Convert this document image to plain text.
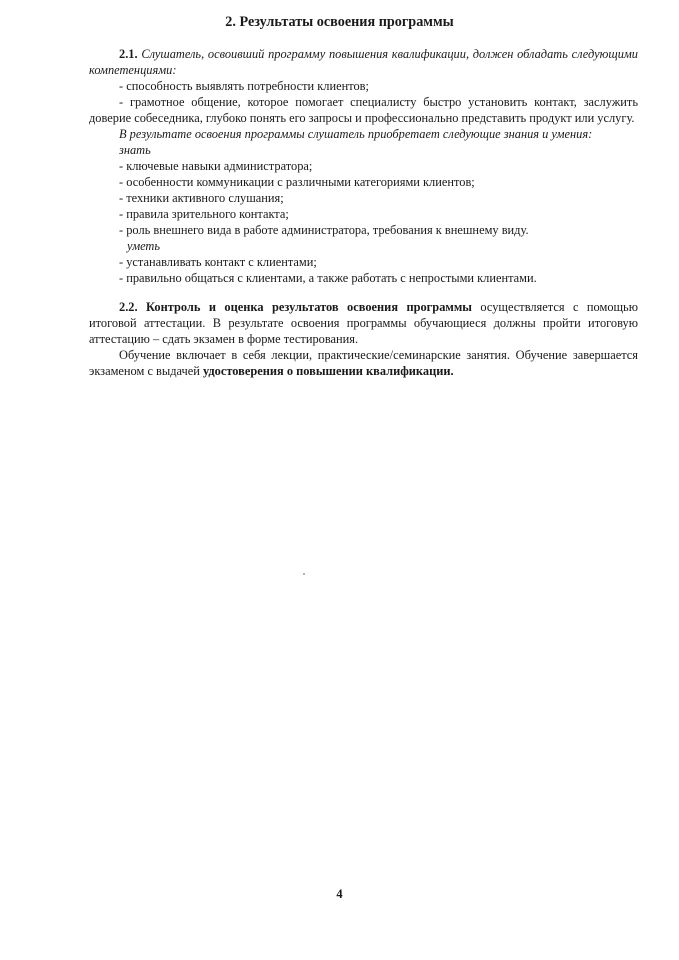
2. Результаты освоения программы

2.1. Слушатель, освоивший программу повышения квалификации, должен обладать следующими компетенциями:

- способность выявлять потребности клиентов;
- грамотное общение, которое помогает специалисту быстро установить контакт, заслужить доверие собеседника, глубоко понять его запросы и профессионально представить продукт или услугу.

В результате освоения программы слушатель приобретает следующие знания и умения:

знать

- ключевые навыки администратора;
- особенности коммуникации с различными категориями клиентов;
- техники активного слушания;
- правила зрительного контакта;
- роль внешнего вида в работе администратора, требования к внешнему виду.

уметь

- устанавливать контакт с клиентами;
- правильно общаться с клиентами, а также работать с непростыми клиентами.

2.2. Контроль и оценка результатов освоения программы осуществляется с помощью итоговой аттестации. В результате освоения программы обучающиеся должны пройти итоговую аттестацию – сдать экзамен в форме тестирования.

Обучение включает в себя лекции, практические/семинарские занятия. Обучение завершается экзаменом с выдачей удостоверения о повышении квалификации.

4
